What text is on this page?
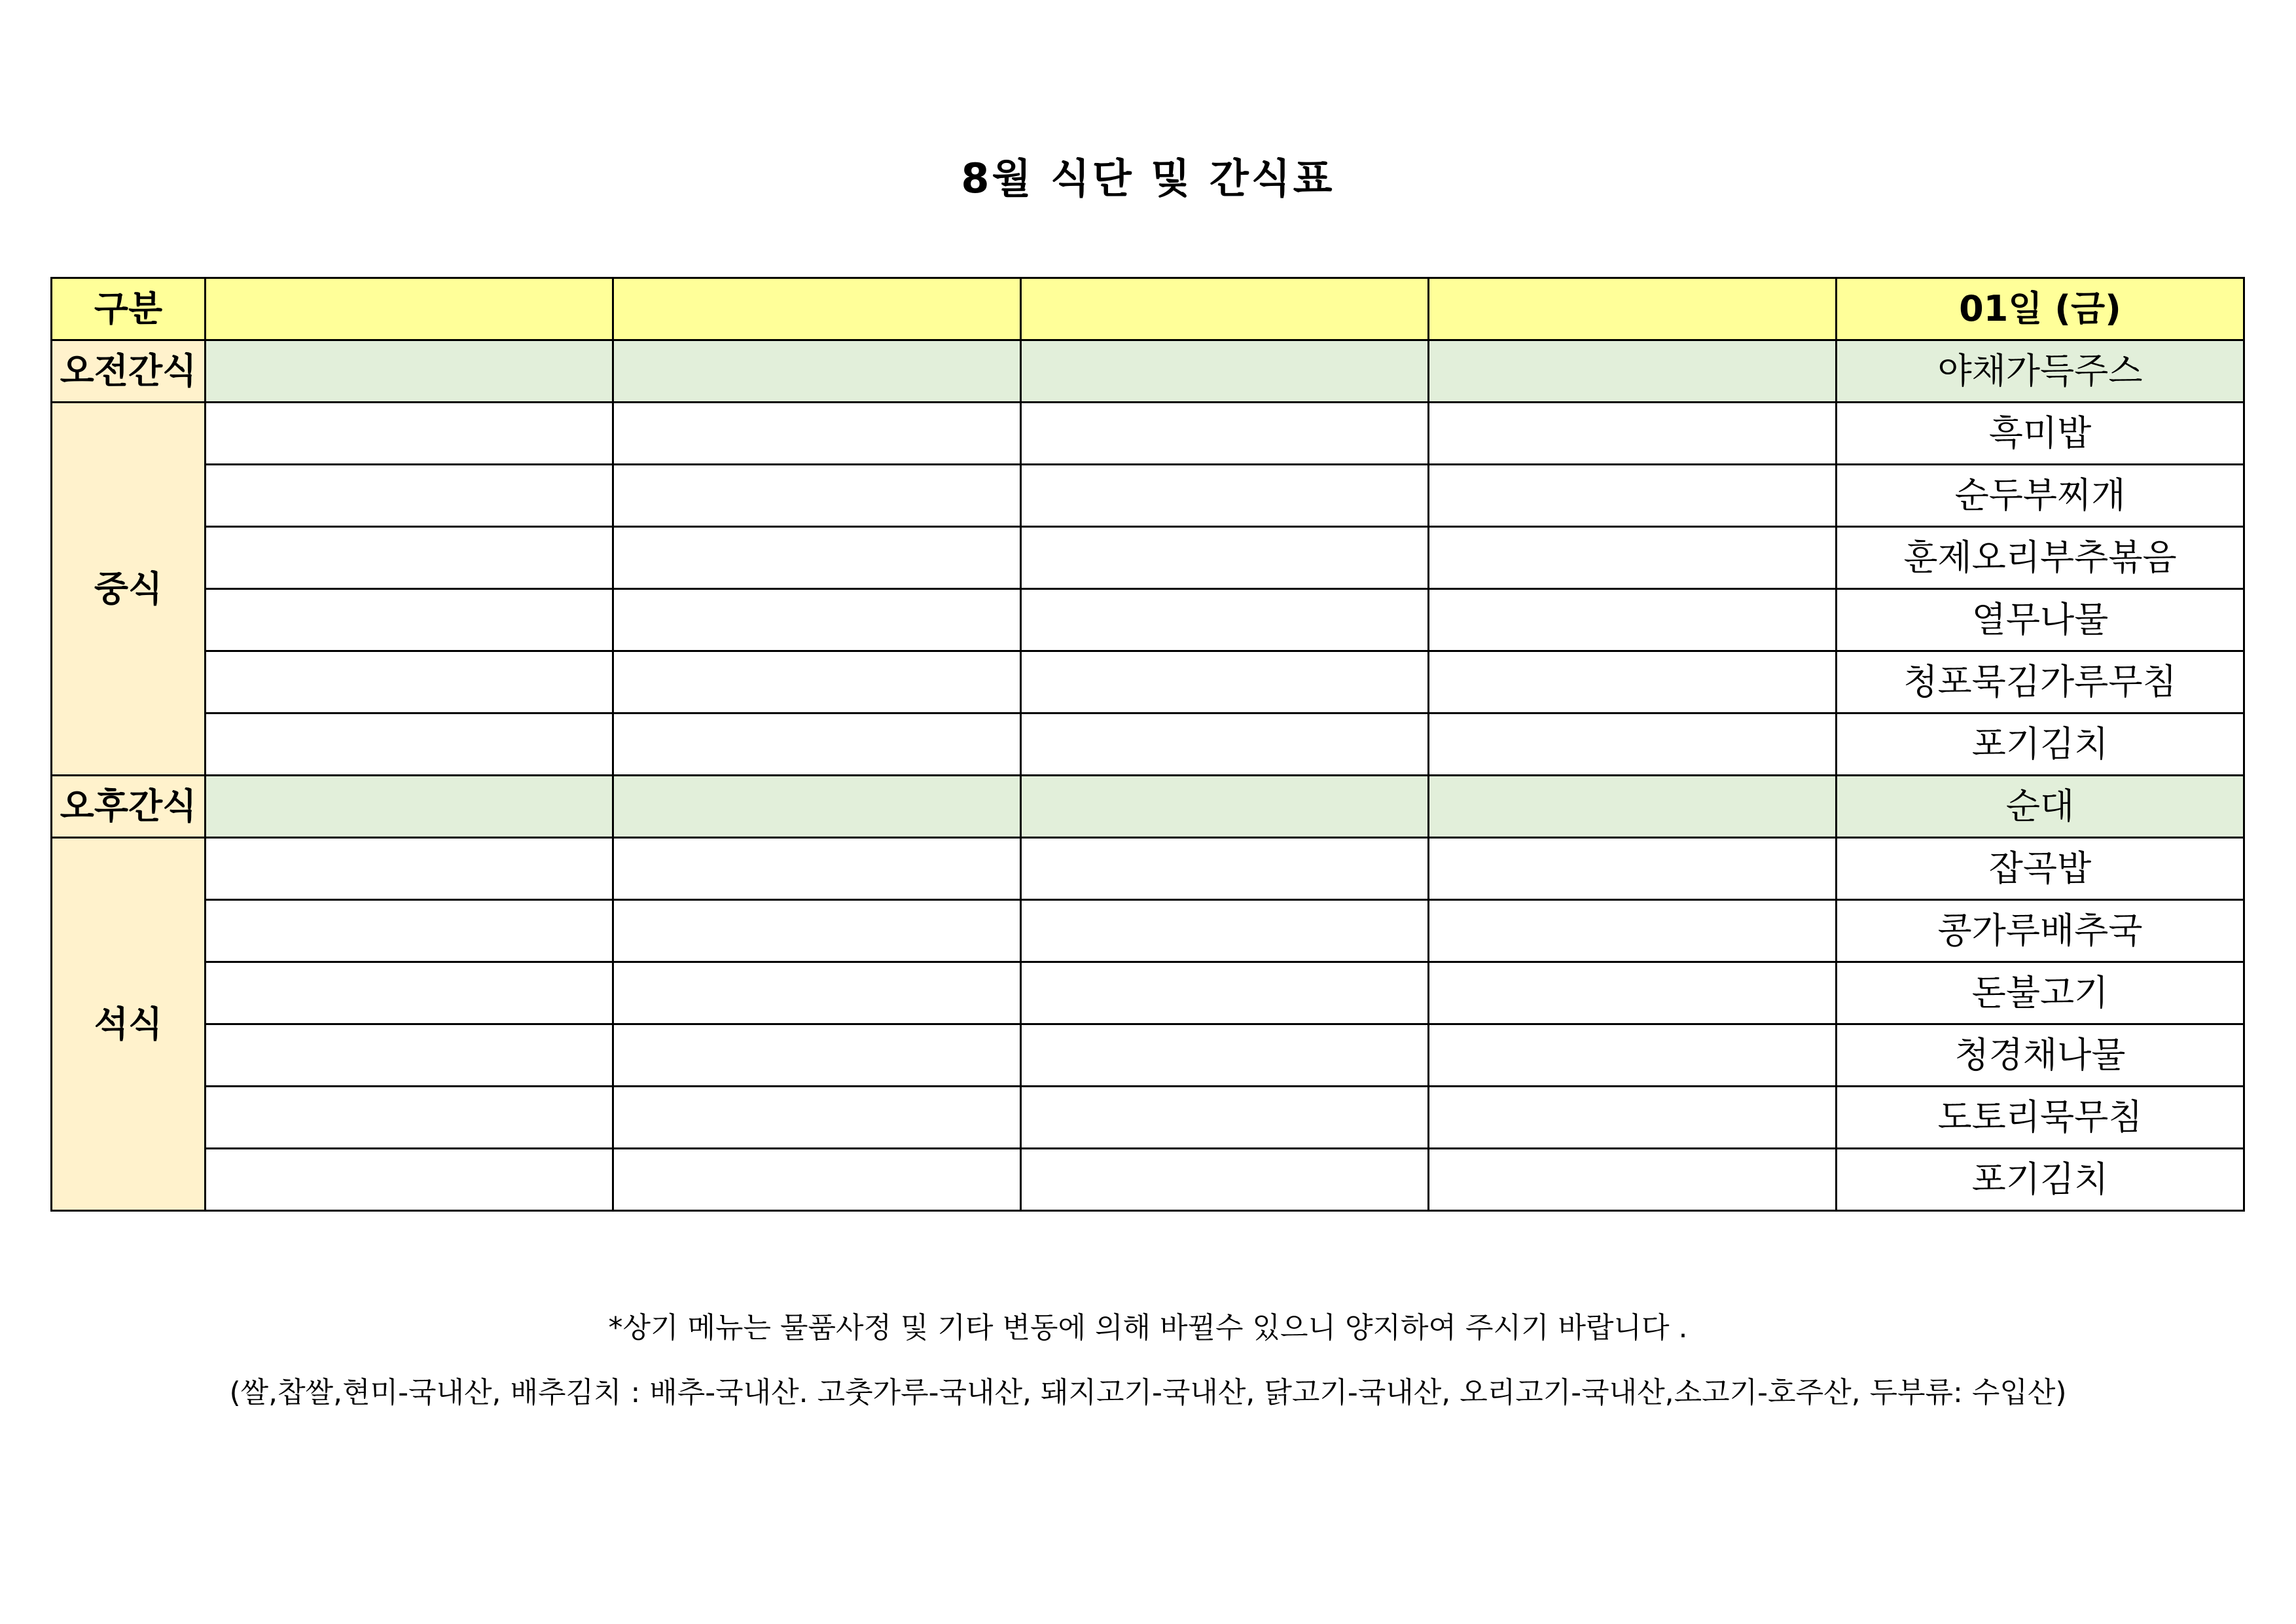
8월 식단 및 간식표
구분					01일 (금)
오전간식					야채가득주스
중식					흑미밥
					순두부찌개
					훈제오리부추볶음
					열무나물
					청포묵김가루무침
					포기김치
오후간식					순대
석식					잡곡밥
					콩가루배추국
					돈불고기
					청경채나물
					도토리묵무침
					포기김치
*상기 메뉴는 물품사정 및 기타 변동에 의해 바뀔수 있으니 양지하여 주시기 바랍니다 .
(쌀,찹쌀,현미-국내산, 배추김치 : 배추-국내산. 고춧가루-국내산, 돼지고기-국내산, 닭고기-국내산, 오리고기-국내산,소고기-호주산, 두부류: 수입산)
